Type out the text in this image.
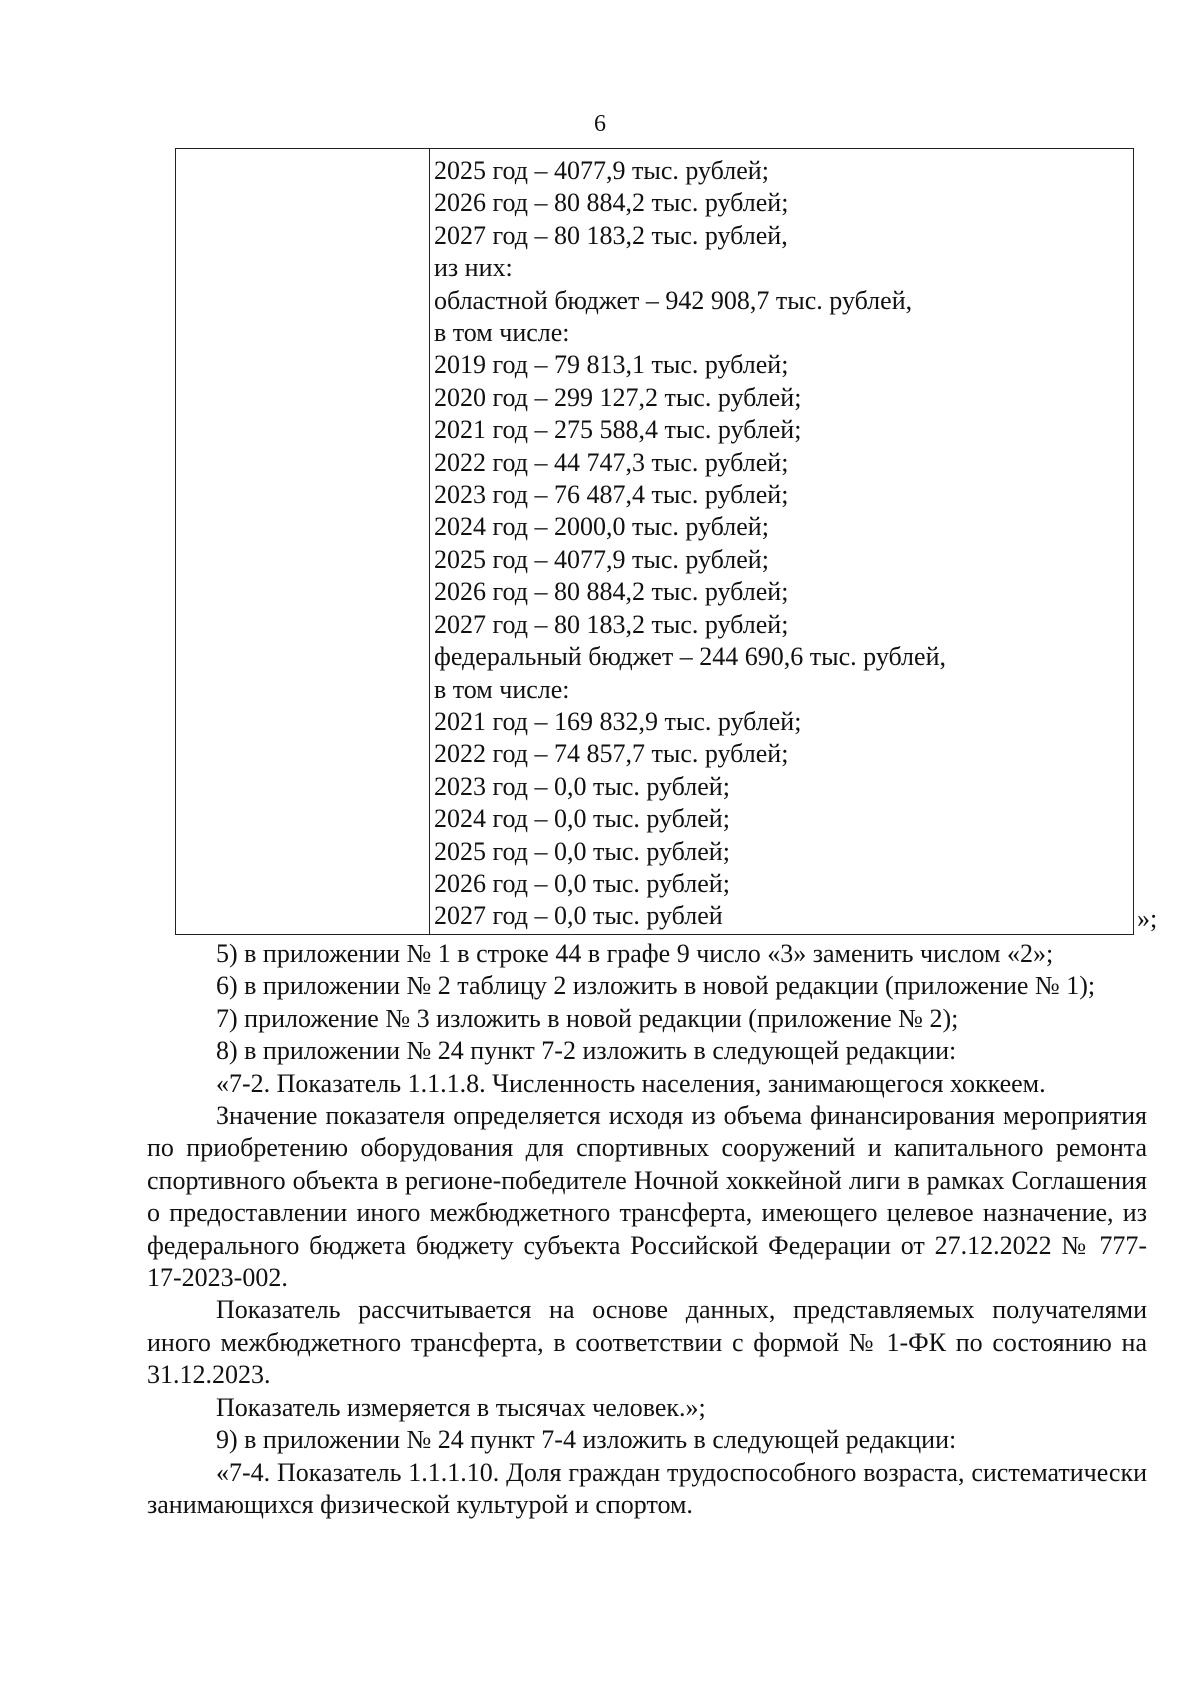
6
2025 год – 4077,9 тыс. рублей;
2026 год – 80 884,2 тыс. рублей;
2027 год – 80 183,2 тыс. рублей,
из них:
областной бюджет – 942 908,7 тыс. рублей,
в том числе:
2019 год – 79 813,1 тыс. рублей;
2020 год – 299 127,2 тыс. рублей;
2021 год – 275 588,4 тыс. рублей;
2022 год – 44 747,3 тыс. рублей;
2023 год – 76 487,4 тыс. рублей;
2024 год – 2000,0 тыс. рублей;
2025 год – 4077,9 тыс. рублей;
2026 год – 80 884,2 тыс. рублей;
2027 год – 80 183,2 тыс. рублей;
федеральный бюджет – 244 690,6 тыс. рублей,
в том числе:
2021 год – 169 832,9 тыс. рублей;
2022 год – 74 857,7 тыс. рублей;
2023 год – 0,0 тыс. рублей;
2024 год – 0,0 тыс. рублей;
2025 год – 0,0 тыс. рублей;
2026 год – 0,0 тыс. рублей;
2027 год – 0,0 тыс. рублей	»;

5) в приложении № 1 в строке 44 в графе 9 число «3» заменить числом «2»;

6) в приложении № 2 таблицу 2 изложить в новой редакции (приложение № 1);

7) приложение № 3 изложить в новой редакции (приложение № 2);

8) в приложении № 24 пункт 7-2 изложить в следующей редакции:

«7-2. Показатель 1.1.1.8. Численность населения, занимающегося хоккеем.

Значение показателя определяется исходя из объема финансирования мероприятия по приобретению оборудования для спортивных сооружений и капитального ремонта спортивного объекта в регионе-победителе Ночной хоккейной лиги в рамках Соглашения о предоставлении иного межбюджетного трансферта, имеющего целевое назначение, из федерального бюджета бюджету субъекта Российской Федерации от 27.12.2022 № 777-17-2023-002.

Показатель рассчитывается на основе данных, представляемых получателями иного межбюджетного трансферта, в соответствии с формой № 1-ФК по состоянию на 31.12.2023.

Показатель измеряется в тысячах человек.»;

9) в приложении № 24 пункт 7-4 изложить в следующей редакции:

«7-4. Показатель 1.1.1.10. Доля граждан трудоспособного возраста, систематически занимающихся физической культурой и спортом.
